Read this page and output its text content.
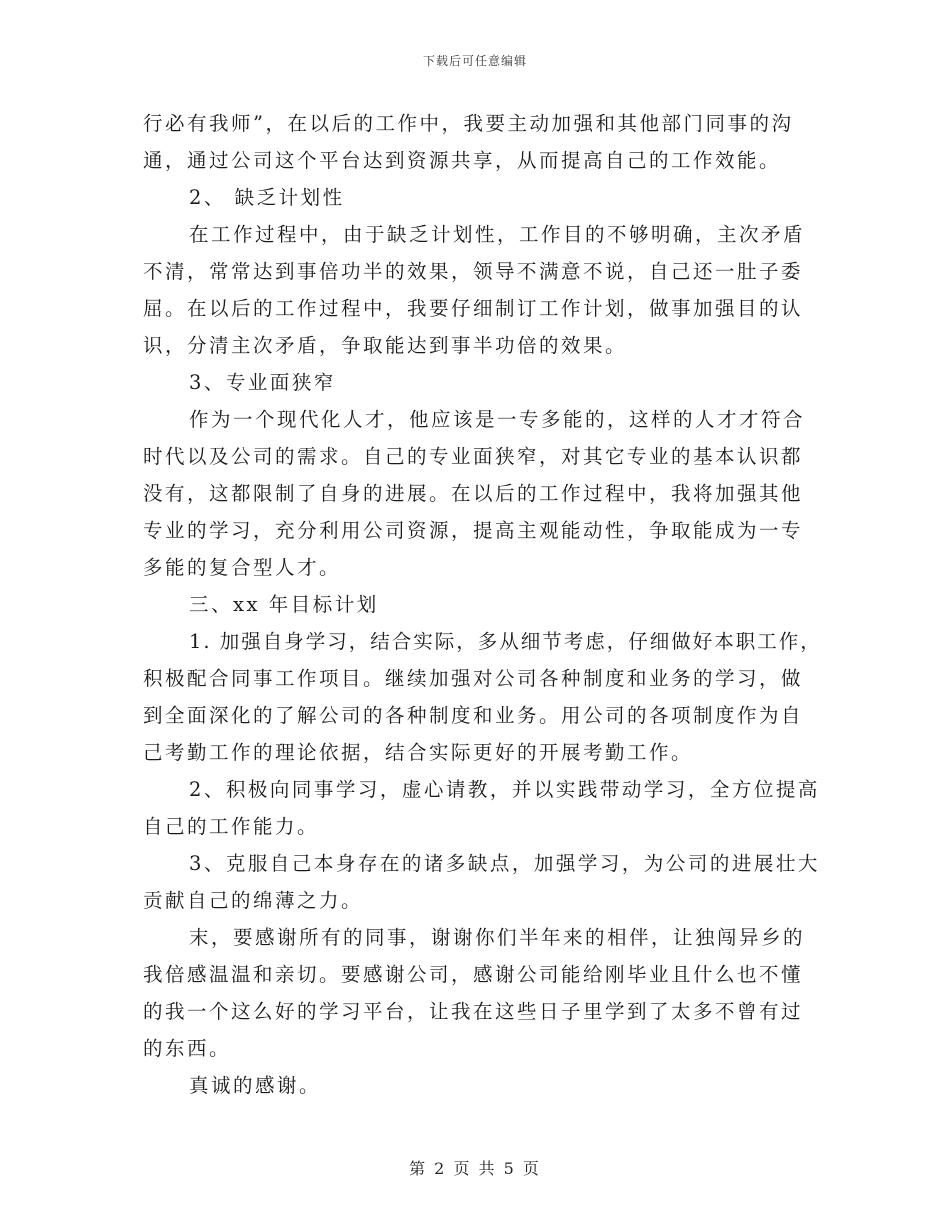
下载后可任意编辑
行必有我师”，在以后的工作中，我要主动加强和其他部门同事的沟
通，通过公司这个平台达到资源共享，从而提高自己的工作效能。
2、 缺乏计划性
在工作过程中，由于缺乏计划性，工作目的不够明确，主次矛盾
不清，常常达到事倍功半的效果，领导不满意不说，自己还一肚子委
屈。在以后的工作过程中，我要仔细制订工作计划，做事加强目的认
识，分清主次矛盾，争取能达到事半功倍的效果。
3、专业面狭窄
作为一个现代化人才，他应该是一专多能的，这样的人才才符合
时代以及公司的需求。自己的专业面狭窄，对其它专业的基本认识都
没有，这都限制了自身的进展。在以后的工作过程中，我将加强其他
专业的学习，充分利用公司资源，提高主观能动性，争取能成为一专
多能的复合型人才。
三、xx 年目标计划
1. 加强自身学习，结合实际，多从细节考虑，仔细做好本职工作，
积极配合同事工作项目。继续加强对公司各种制度和业务的学习，做
到全面深化的了解公司的各种制度和业务。用公司的各项制度作为自
己考勤工作的理论依据，结合实际更好的开展考勤工作。
2、积极向同事学习，虚心请教，并以实践带动学习，全方位提高
自己的工作能力。
3、克服自己本身存在的诸多缺点，加强学习，为公司的进展壮大
贡献自己的绵薄之力。
末，要感谢所有的同事，谢谢你们半年来的相伴，让独闯异乡的
我倍感温温和亲切。要感谢公司，感谢公司能给刚毕业且什么也不懂
的我一个这么好的学习平台，让我在这些日子里学到了太多不曾有过
的东西。
真诚的感谢。
第 2 页 共 5 页
